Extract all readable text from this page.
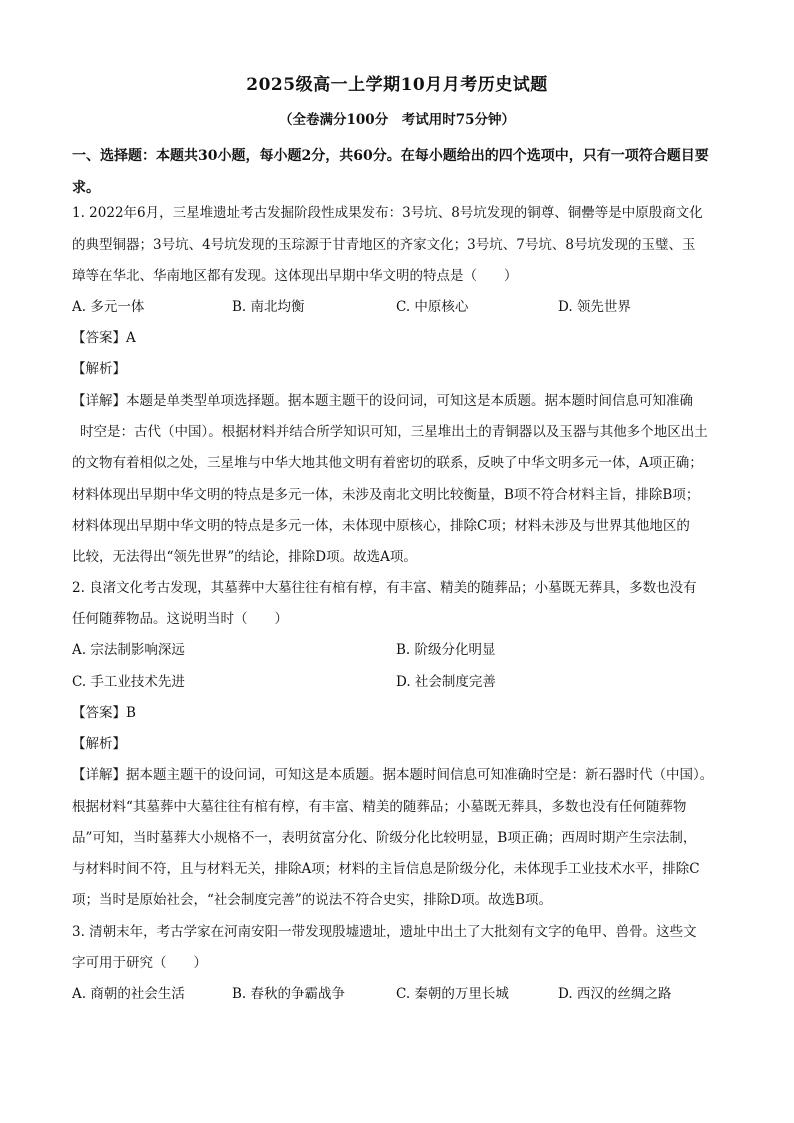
2025级高一上学期10月月考历史试题
（全卷满分100分　考试用时75分钟）
一、选择题：本题共30小题，每小题2分，共60分。在每小题给出的四个选项中，只有一项符合题目要求。
1. 2022年6月，三星堆遗址考古发掘阶段性成果发布：3号坑、8号坑发现的铜尊、铜罍等是中原殷商文化
的典型铜器；3号坑、4号坑发现的玉琮源于甘青地区的齐家文化；3号坑、7号坑、8号坑发现的玉璧、玉
璋等在华北、华南地区都有发现。这体现出早期中华文明的特点是（　　）
A. 多元一体	B. 南北均衡	C. 中原核心	D. 领先世界
【答案】A
【解析】
【详解】本题是单类型单项选择题。据本题主题干的设问词，可知这是本质题。据本题时间信息可知准确
时空是：古代（中国）。根据材料并结合所学知识可知，三星堆出土的青铜器以及玉器与其他多个地区出土
的文物有着相似之处，三星堆与中华大地其他文明有着密切的联系，反映了中华文明多元一体，A项正确；
材料体现出早期中华文明的特点是多元一体，未涉及南北文明比较衡量，B项不符合材料主旨，排除B项；
材料体现出早期中华文明的特点是多元一体，未体现中原核心，排除C项；材料未涉及与世界其他地区的
比较，无法得出“领先世界”的结论，排除D项。故选A项。
2. 良渚文化考古发现，其墓葬中大墓往往有棺有椁，有丰富、精美的随葬品；小墓既无葬具，多数也没有
任何随葬物品。这说明当时（　　）
A. 宗法制影响深远	B. 阶级分化明显
C. 手工业技术先进	D. 社会制度完善
【答案】B
【解析】
【详解】据本题主题干的设问词，可知这是本质题。据本题时间信息可知准确时空是：新石器时代（中国）。
根据材料“其墓葬中大墓往往有棺有椁，有丰富、精美的随葬品；小墓既无葬具，多数也没有任何随葬物
品”可知，当时墓葬大小规格不一，表明贫富分化、阶级分化比较明显，B项正确；西周时期产生宗法制，
与材料时间不符，且与材料无关，排除A项；材料的主旨信息是阶级分化，未体现手工业技术水平，排除C
项；当时是原始社会，“社会制度完善”的说法不符合史实，排除D项。故选B项。
3. 清朝末年，考古学家在河南安阳一带发现殷墟遗址，遗址中出土了大批刻有文字的龟甲、兽骨。这些文
字可用于研究（　　）
A. 商朝的社会生活	B. 春秋的争霸战争	C. 秦朝的万里长城	D. 西汉的丝绸之路
